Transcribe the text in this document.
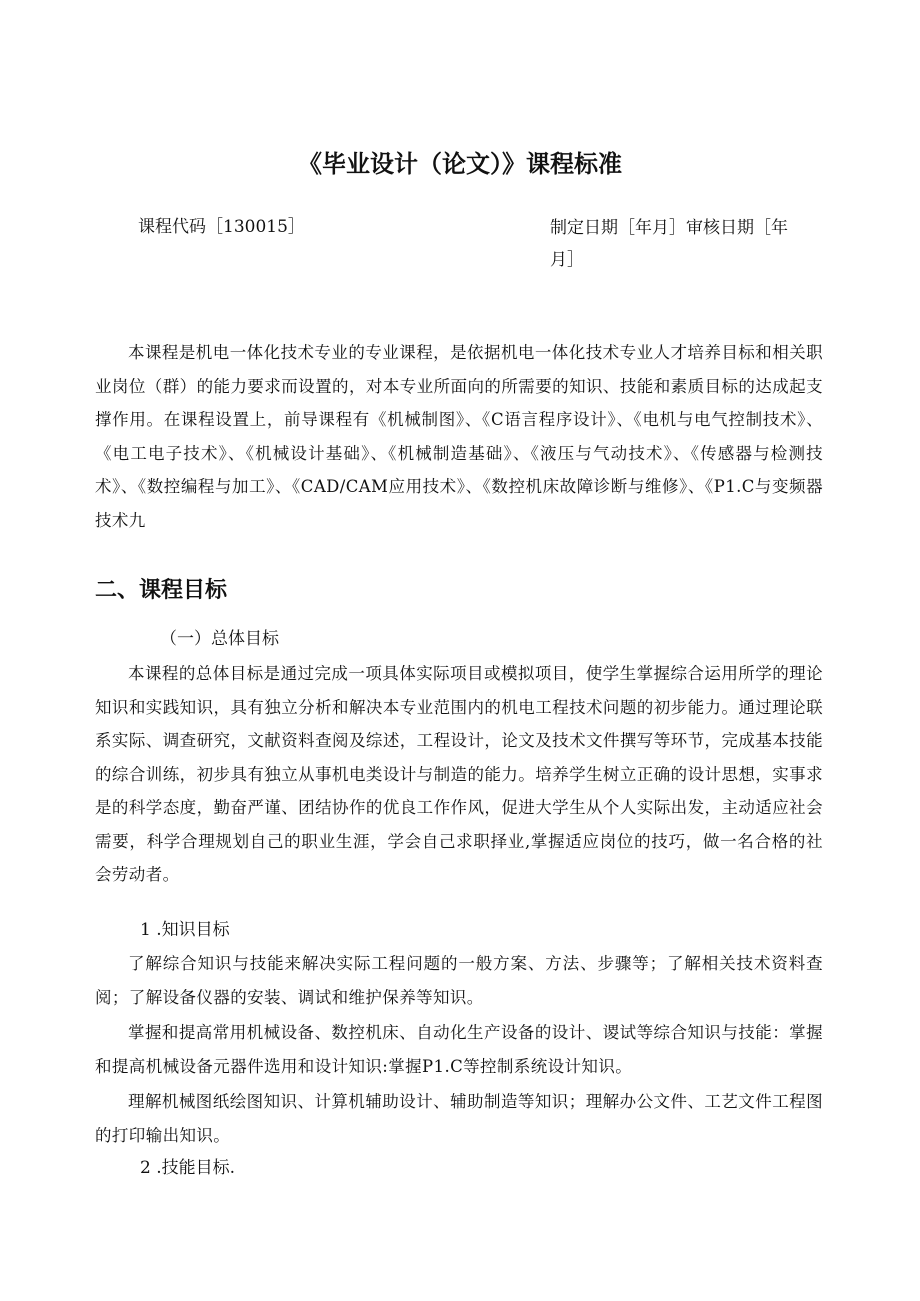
《毕业设计（论文）》课程标准
课程代码［130015］	制定日期［年月］审核日期［年月］
本课程是机电一体化技术专业的专业课程，是依据机电一体化技术专业人才培养目标和相关职业岗位（群）的能力要求而设置的，对本专业所面向的所需要的知识、技能和素质目标的达成起支撑作用。在课程设置上，前导课程有《机械制图》、《C语言程序设计》、《电机与电气控制技术》、《电工电子技术》、《机械设计基础》、《机械制造基础》、《液压与气动技术》、《传感器与检测技术》、《数控编程与加工》、《CAD/CAM应用技术》、《数控机床故障诊断与维修》、《P1.C与变频器技术九
二、课程目标
（一）总体目标
本课程的总体目标是通过完成一项具体实际项目或模拟项目，使学生掌握综合运用所学的理论知识和实践知识，具有独立分析和解决本专业范围内的机电工程技术问题的初步能力。通过理论联系实际、调查研究，文献资料查阅及综述，工程设计，论文及技术文件撰写等环节，完成基本技能的综合训练，初步具有独立从事机电类设计与制造的能力。培养学生树立正确的设计思想，实事求是的科学态度，勤奋严谨、团结协作的优良工作作风，促进大学生从个人实际出发，主动适应社会需要，科学合理规划自己的职业生涯，学会自己求职择业,掌握适应岗位的技巧，做一名合格的社会劳动者。
1 .知识目标
了解综合知识与技能来解决实际工程问题的一般方案、方法、步骤等；了解相关技术资料查阅；了解设备仪器的安装、调试和维护保养等知识。
掌握和提高常用机械设备、数控机床、自动化生产设备的设计、谡试等综合知识与技能：掌握和提高机械设备元器件选用和设计知识:掌握P1.C等控制系统设计知识。
理解机械图纸绘图知识、计算机辅助设计、辅助制造等知识；理解办公文件、工艺文件工程图的打印输出知识。
2 .技能目标.
